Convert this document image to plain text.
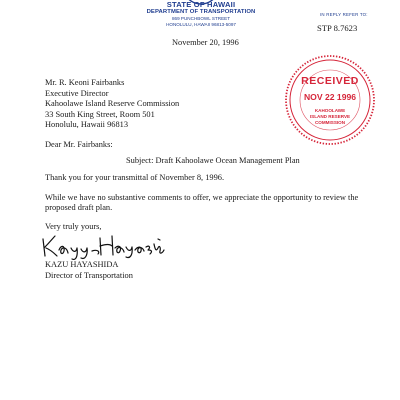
STATE OF HAWAII
DEPARTMENT OF TRANSPORTATION
869 PUNCHBOWL STREET
HONOLULU, HAWAII 96813-5097
IN REPLY REFER TO:
STP 8.7623
November 20, 1996
RECEIVED
NOV 22 1996
KAHOOLAWE
ISLAND RESERVE
COMMISSION
Mr. R. Keoni Fairbanks
Executive Director
Kahoolawe Island Reserve Commission
33 South King Street, Room 501
Honolulu, Hawaii 96813
Dear Mr. Fairbanks:
Subject: Draft Kahoolawe Ocean Management Plan
Thank you for your transmittal of November 8, 1996.
While we have no substantive comments to offer, we appreciate the opportunity to review the proposed draft plan.
Very truly yours,
KAZU HAYASHIDA
Director of Transportation
